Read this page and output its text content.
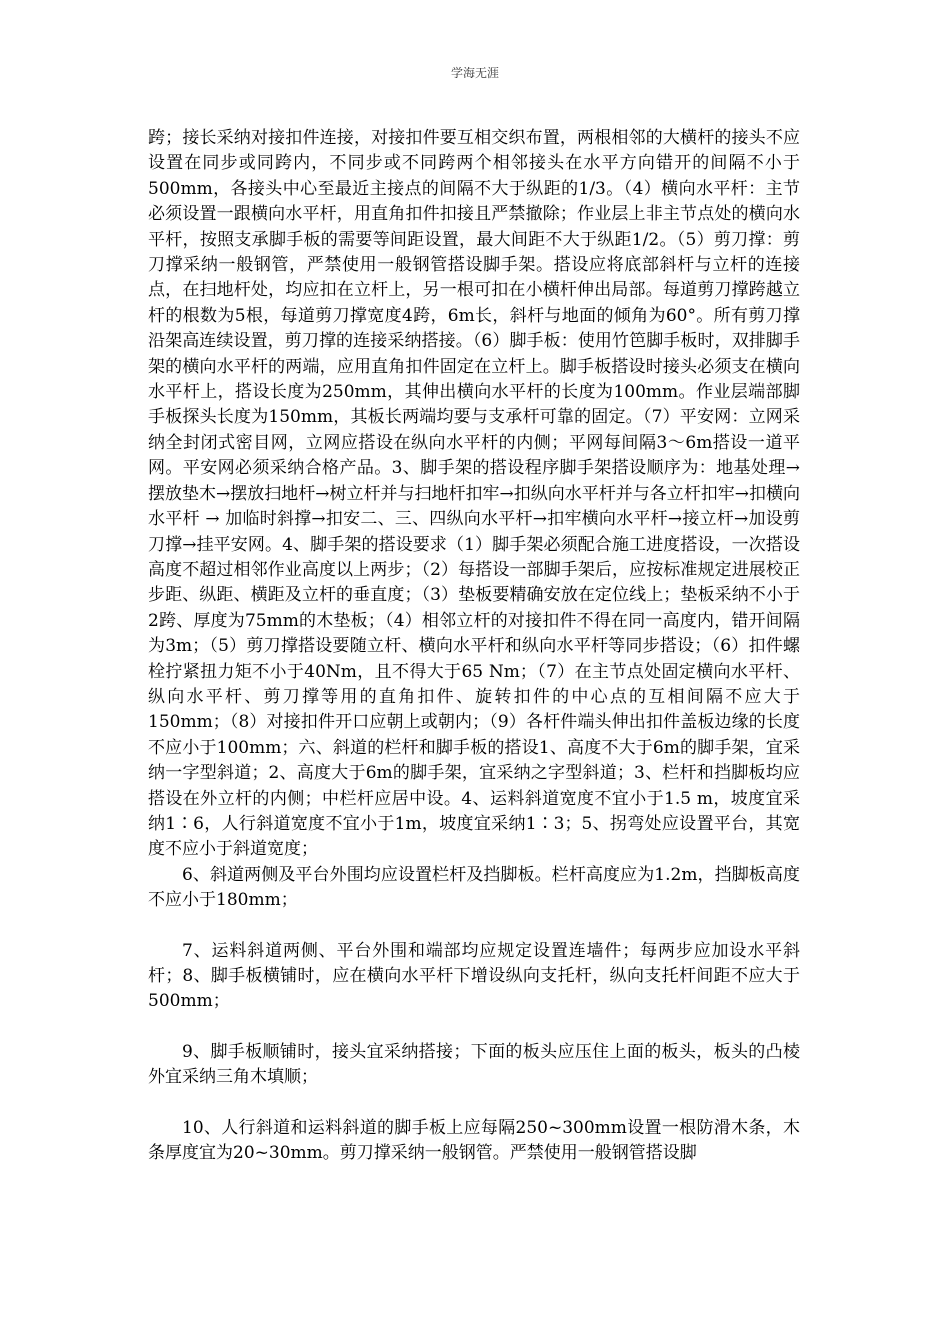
学海无涯

跨；接长采纳对接扣件连接，对接扣件要互相交织布置，两根相邻的大横杆的接头不应设置在同步或同跨内，不同步或不同跨两个相邻接头在水平方向错开的间隔不小于500mm，各接头中心至最近主接点的间隔不大于纵距的1/3。（4）横向水平杆：主节必须设置一跟横向水平杆，用直角扣件扣接且严禁撤除；作业层上非主节点处的横向水平杆，按照支承脚手板的需要等间距设置，最大间距不大于纵距1/2。（5）剪刀撑：剪刀撑采纳一般钢管，严禁使用一般钢管搭设脚手架。搭设应将底部斜杆与立杆的连接点，在扫地杆处，均应扣在立杆上，另一根可扣在小横杆伸出局部。每道剪刀撑跨越立杆的根数为5根，每道剪刀撑宽度4跨，6m长，斜杆与地面的倾角为60°。所有剪刀撑沿架高连续设置，剪刀撑的连接采纳搭接。（6）脚手板：使用竹笆脚手板时，双排脚手架的横向水平杆的两端，应用直角扣件固定在立杆上。脚手板搭设时接头必须支在横向水平杆上，搭设长度为250mm，其伸出横向水平杆的长度为100mm。作业层端部脚手板探头长度为150mm，其板长两端均要与支承杆可靠的固定。（7）平安网：立网采纳全封闭式密目网，立网应搭设在纵向水平杆的内侧；平网每间隔3～6m搭设一道平网。平安网必须采纳合格产品。3、脚手架的搭设程序脚手架搭设顺序为：地基处理→摆放垫木→摆放扫地杆→树立杆并与扫地杆扣牢→扣纵向水平杆并与各立杆扣牢→扣横向水平杆 → 加临时斜撑→扣安二、三、四纵向水平杆→扣牢横向水平杆→接立杆→加设剪刀撑→挂平安网。4、脚手架的搭设要求（1）脚手架必须配合施工进度搭设，一次搭设高度不超过相邻作业高度以上两步；（2）每搭设一部脚手架后，应按标准规定进展校正步距、纵距、横距及立杆的垂直度；（3）垫板要精确安放在定位线上；垫板采纳不小于2跨、厚度为75mm的木垫板；（4）相邻立杆的对接扣件不得在同一高度内，错开间隔为3m；（5）剪刀撑搭设要随立杆、横向水平杆和纵向水平杆等同步搭设；（6）扣件螺栓拧紧扭力矩不小于40Nm，且不得大于65 Nm；（7）在主节点处固定横向水平杆、纵向水平杆、剪刀撑等用的直角扣件、旋转扣件的中心点的互相间隔不应大于150mm；（8）对接扣件开口应朝上或朝内；（9）各杆件端头伸出扣件盖板边缘的长度不应小于100mm；六、斜道的栏杆和脚手板的搭设1、高度不大于6m的脚手架，宜采纳一字型斜道；2、高度大于6m的脚手架，宜采纳之字型斜道；3、栏杆和挡脚板均应搭设在外立杆的内侧；中栏杆应居中设。4、运料斜道宽度不宜小于1.5 m，坡度宜采纳1∶6，人行斜道宽度不宜小于1m，坡度宜采纳1∶3；5、拐弯处应设置平台，其宽度不应小于斜道宽度；

6、斜道两侧及平台外围均应设置栏杆及挡脚板。栏杆高度应为1.2m，挡脚板高度不应小于180mm；

7、运料斜道两侧、平台外围和端部均应规定设置连墙件；每两步应加设水平斜杆；8、脚手板横铺时，应在横向水平杆下增设纵向支托杆，纵向支托杆间距不应大于500mm；

9、脚手板顺铺时，接头宜采纳搭接；下面的板头应压住上面的板头，板头的凸棱外宜采纳三角木填顺；

10、人行斜道和运料斜道的脚手板上应每隔250~300mm设置一根防滑木条，木条厚度宜为20~30mm。剪刀撑采纳一般钢管。严禁使用一般钢管搭设脚
